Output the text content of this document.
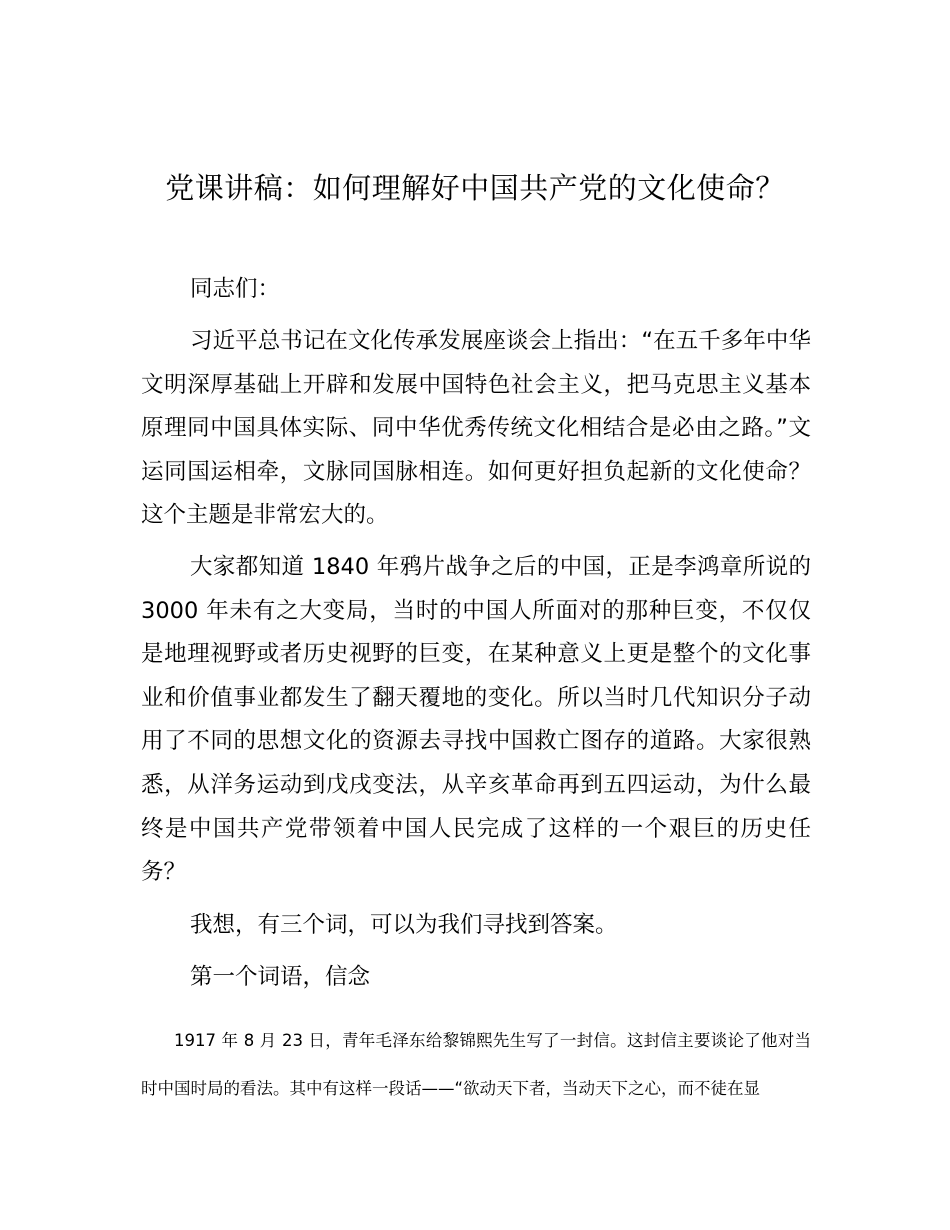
党课讲稿：如何理解好中国共产党的文化使命？

同志们：

习近平总书记在文化传承发展座谈会上指出：“在五千多年中华文明深厚基础上开辟和发展中国特色社会主义，把马克思主义基本原理同中国具体实际、同中华优秀传统文化相结合是必由之路。”文运同国运相牵，文脉同国脉相连。如何更好担负起新的文化使命？这个主题是非常宏大的。

大家都知道 1840 年鸦片战争之后的中国，正是李鸿章所说的 3000 年未有之大变局，当时的中国人所面对的那种巨变，不仅仅是地理视野或者历史视野的巨变，在某种意义上更是整个的文化事业和价值事业都发生了翻天覆地的变化。所以当时几代知识分子动用了不同的思想文化的资源去寻找中国救亡图存的道路。大家很熟悉，从洋务运动到戊戌变法，从辛亥革命再到五四运动，为什么最终是中国共产党带领着中国人民完成了这样的一个艰巨的历史任务？

我想，有三个词，可以为我们寻找到答案。

第一个词语，信念

1917 年 8 月 23 日，青年毛泽东给黎锦熙先生写了一封信。这封信主要谈论了他对当时中国时局的看法。其中有这样一段话——“欲动天下者，当动天下之心，而不徒在显
